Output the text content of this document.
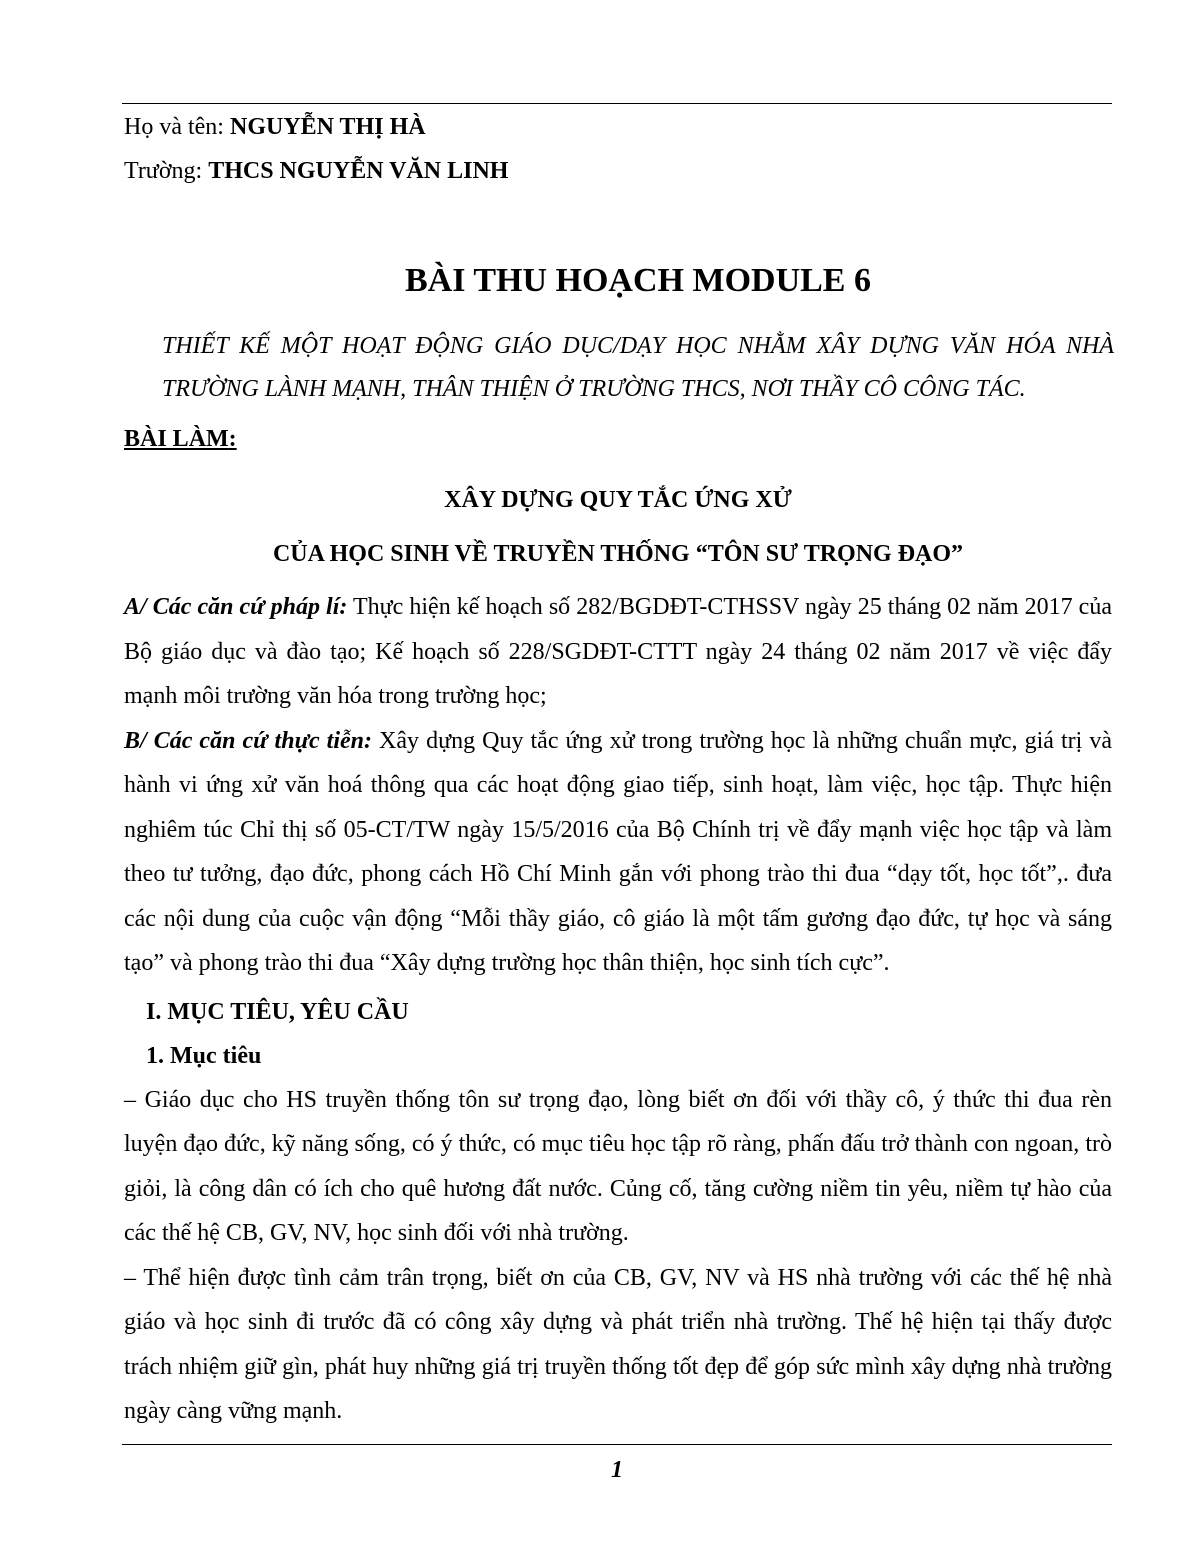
Họ và tên: NGUYỄN THỊ HÀ

Trường: THCS NGUYỄN VĂN LINH

BÀI THU HOẠCH MODULE 6

THIẾT KẾ MỘT HOẠT ĐỘNG GIÁO DỤC/DẠY HỌC NHẰM XÂY DỰNG VĂN HÓA NHÀ TRƯỜNG LÀNH MẠNH, THÂN THIỆN Ở TRƯỜNG THCS, NƠI THẦY CÔ CÔNG TÁC.

BÀI LÀM:

XÂY DỰNG QUY TẮC ỨNG XỬ
CỦA HỌC SINH VỀ TRUYỀN THỐNG “TÔN SƯ TRỌNG ĐẠO”

A/ Các căn cứ pháp lí: Thực hiện kế hoạch số 282/BGDĐT-CTHSSV ngày 25 tháng 02 năm 2017 của Bộ giáo dục và đào tạo; Kế hoạch số 228/SGDĐT-CTTT ngày 24 tháng 02 năm 2017 về việc đẩy mạnh môi trường văn hóa trong trường học;

B/ Các căn cứ thực tiễn: Xây dựng Quy tắc ứng xử trong trường học là những chuẩn mực, giá trị và hành vi ứng xử văn hoá thông qua các hoạt động giao tiếp, sinh hoạt, làm việc, học tập. Thực hiện nghiêm túc Chỉ thị số 05-CT/TW ngày 15/5/2016 của Bộ Chính trị về đẩy mạnh việc học tập và làm theo tư tưởng, đạo đức, phong cách Hồ Chí Minh gắn với phong trào thi đua “dạy tốt, học tốt”,. đưa các nội dung của cuộc vận động “Mỗi thầy giáo, cô giáo là một tấm gương đạo đức, tự học và sáng tạo” và phong trào thi đua “Xây dựng trường học thân thiện, học sinh tích cực”.

I. MỤC TIÊU, YÊU CẦU

1. Mục tiêu

– Giáo dục cho HS truyền thống tôn sư trọng đạo, lòng biết ơn đối với thầy cô, ý thức thi đua rèn luyện đạo đức, kỹ năng sống, có ý thức, có mục tiêu học tập rõ ràng, phấn đấu trở thành con ngoan, trò giỏi, là công dân có ích cho quê hương đất nước. Củng cố, tăng cường niềm tin yêu, niềm tự hào của các thế hệ CB, GV, NV, học sinh đối với nhà trường.

– Thể hiện được tình cảm trân trọng, biết ơn của CB, GV, NV và HS nhà trường với các thế hệ nhà giáo và học sinh đi trước đã có công xây dựng và phát triển nhà trường. Thế hệ hiện tại thấy được trách nhiệm giữ gìn, phát huy những giá trị truyền thống tốt đẹp để góp sức mình xây dựng nhà trường ngày càng vững mạnh.

1
